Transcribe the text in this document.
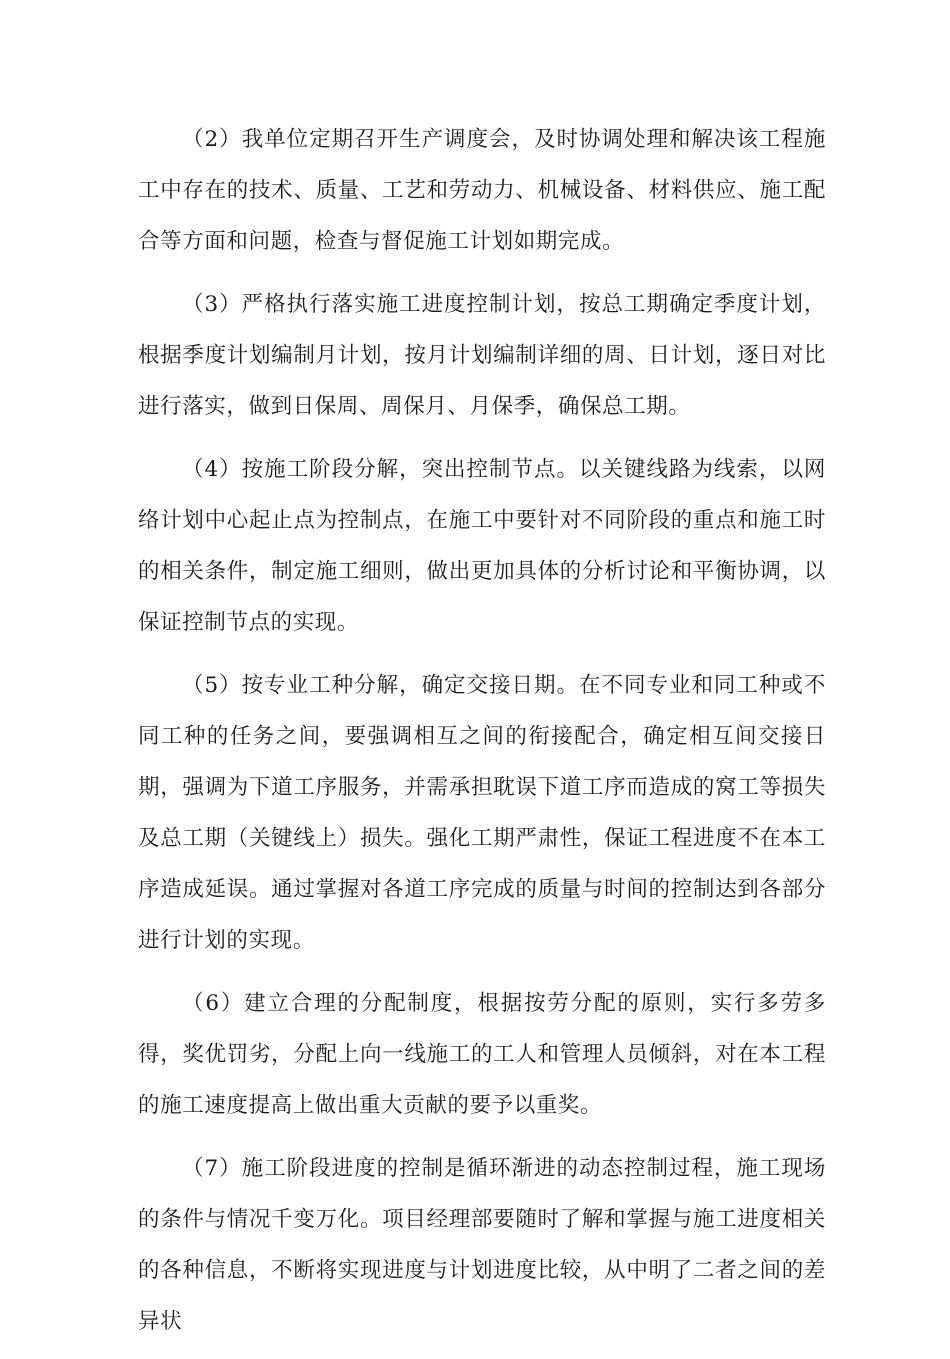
（2）我单位定期召开生产调度会，及时协调处理和解决该工程施工中存在的技术、质量、工艺和劳动力、机械设备、材料供应、施工配合等方面和问题，检查与督促施工计划如期完成。

（3）严格执行落实施工进度控制计划，按总工期确定季度计划，根据季度计划编制月计划，按月计划编制详细的周、日计划，逐日对比进行落实，做到日保周、周保月、月保季，确保总工期。

（4）按施工阶段分解，突出控制节点。以关键线路为线索，以网络计划中心起止点为控制点，在施工中要针对不同阶段的重点和施工时的相关条件，制定施工细则，做出更加具体的分析讨论和平衡协调，以保证控制节点的实现。

（5）按专业工种分解，确定交接日期。在不同专业和同工种或不同工种的任务之间，要强调相互之间的衔接配合，确定相互间交接日期，强调为下道工序服务，并需承担耽误下道工序而造成的窝工等损失及总工期（关键线上）损失。强化工期严肃性，保证工程进度不在本工序造成延误。通过掌握对各道工序完成的质量与时间的控制达到各部分进行计划的实现。

（6）建立合理的分配制度，根据按劳分配的原则，实行多劳多得，奖优罚劣，分配上向一线施工的工人和管理人员倾斜，对在本工程的施工速度提高上做出重大贡献的要予以重奖。

（7）施工阶段进度的控制是循环渐进的动态控制过程，施工现场的条件与情况千变万化。项目经理部要随时了解和掌握与施工进度相关的各种信息，不断将实现进度与计划进度比较，从中明了二者之间的差异状
